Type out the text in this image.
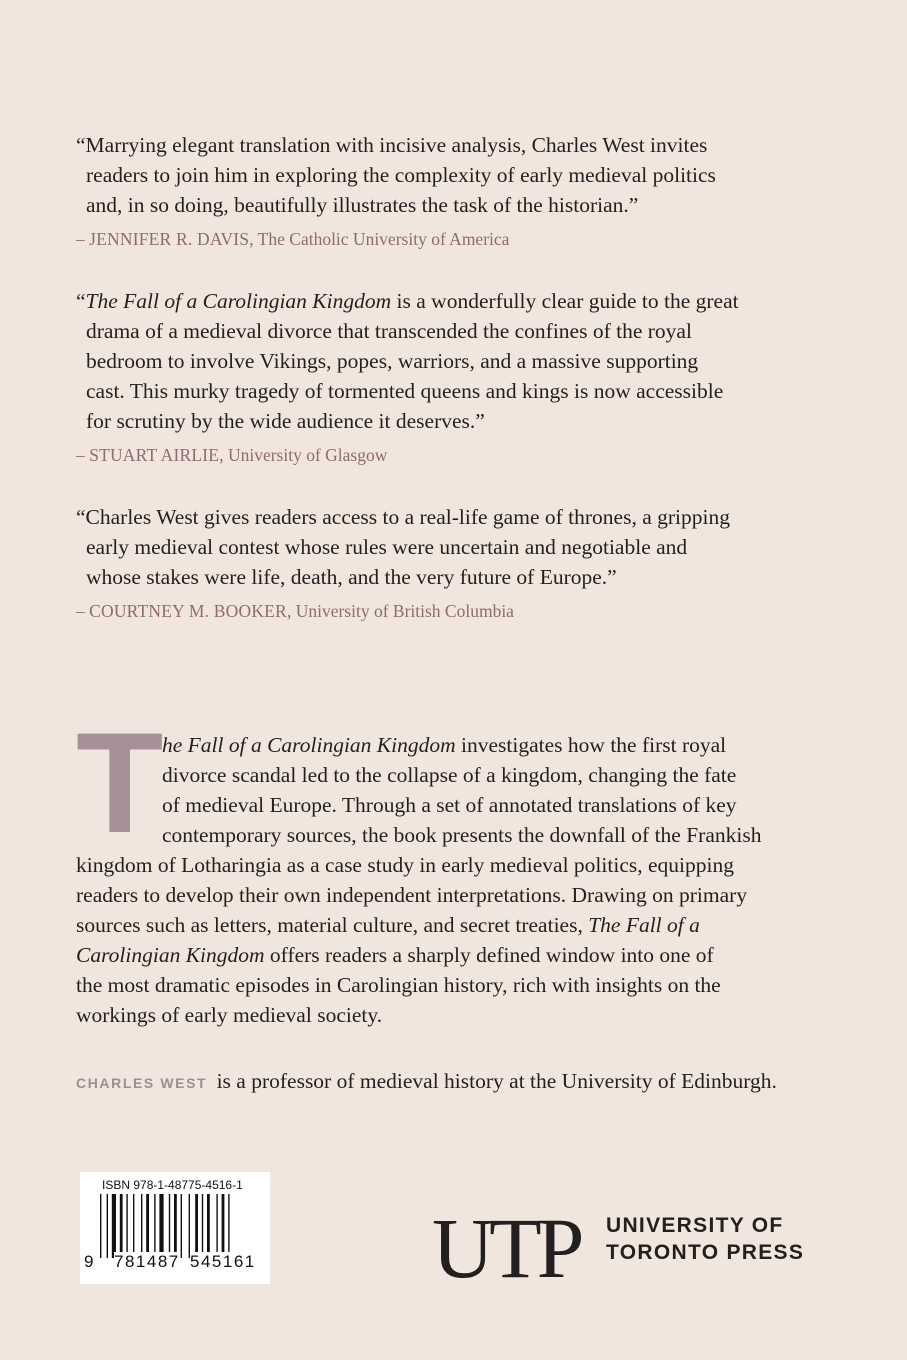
“Marrying elegant translation with incisive analysis, Charles West invites
readers to join him in exploring the complexity of early medieval politics
and, in so doing, beautifully illustrates the task of the historian.”

– JENNIFER R. DAVIS, The Catholic University of America

“The Fall of a Carolingian Kingdom is a wonderfully clear guide to the great
drama of a medieval divorce that transcended the confines of the royal
bedroom to involve Vikings, popes, warriors, and a massive supporting
cast. This murky tragedy of tormented queens and kings is now accessible
for scrutiny by the wide audience it deserves.”

– STUART AIRLIE, University of Glasgow

“Charles West gives readers access to a real-life game of thrones, a gripping
early medieval contest whose rules were uncertain and negotiable and
whose stakes were life, death, and the very future of Europe.”

– COURTNEY M. BOOKER, University of British Columbia
T
he Fall of a Carolingian Kingdom investigates how the first royal
divorce scandal led to the collapse of a kingdom, changing the fate
of medieval Europe. Through a set of annotated translations of key
contemporary sources, the book presents the downfall of the Frankish
kingdom of Lotharingia as a case study in early medieval politics, equipping
readers to develop their own independent interpretations. Drawing on primary
sources such as letters, material culture, and secret treaties, The Fall of a
Carolingian Kingdom offers readers a sharply defined window into one of
the most dramatic episodes in Carolingian history, rich with insights on the
workings of early medieval society.
CHARLES WEST is a professor of medieval history at the University of Edinburgh.
ISBN 978-1-48775-4516-1
9 781487 545161 UTP UNIVERSITY OF
TORONTO PRESS
